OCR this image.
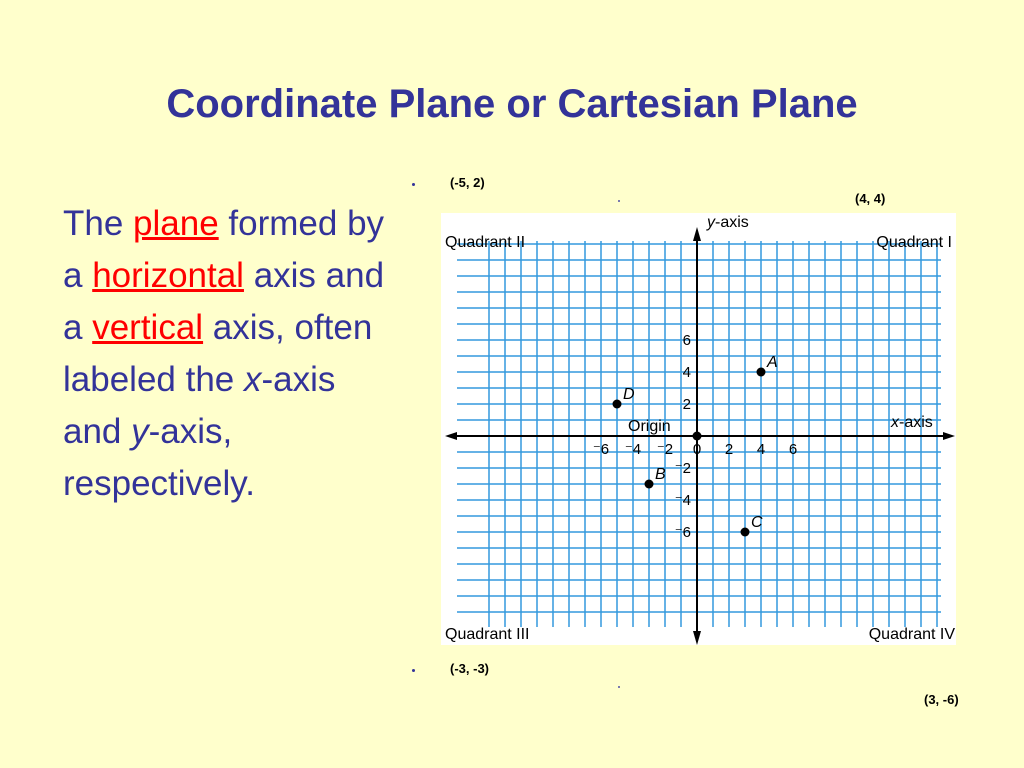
Coordinate Plane or Cartesian Plane
The plane formed by a horizontal axis and a vertical axis, often labeled the x-axis and y-axis, respectively.
(-5, 2)
(4, 4)
(-3, -3)
(3, -6)
⁻6 ⁻4 ⁻2 0 2 4 6
6
4
2
⁻2
⁻4
⁻6
A
B
C
D
Quadrant II	Quadrant I
Quadrant III	Quadrant IV
y-axis
x-axis
Origin
